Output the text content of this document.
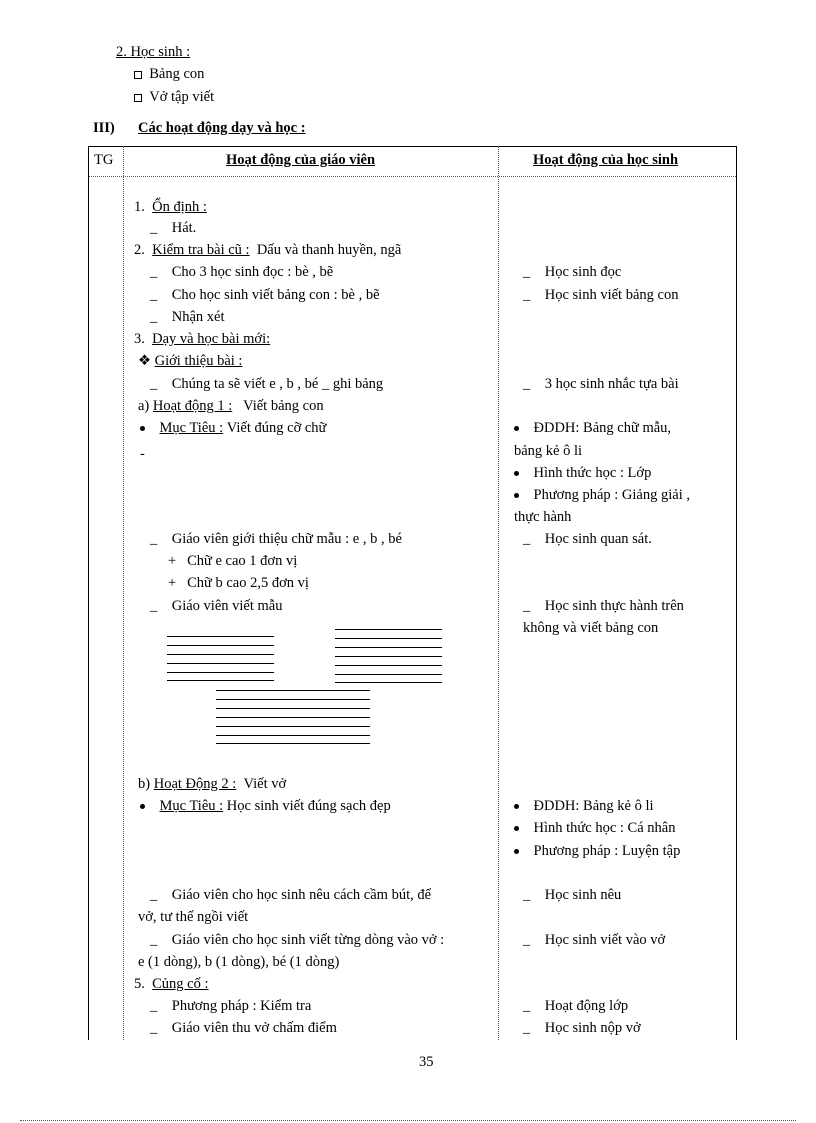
2. Học sinh :
Bảng con
Vở tập viết
III) Các hoạt động dạy và học :
TG	Hoạt động của giáo viên	Hoạt động của học sinh
1. Ổn định :
_ Hát.
2. Kiểm tra bài cũ : Dấu và thanh huyền, ngã
_ Cho 3 học sinh đọc : bè , bẽ
_ Cho học sinh viết bảng con : bè , bẽ
_ Nhận xét
3. Dạy và học bài mới:
❖ Giới thiệu bài :
_ Chúng ta sẽ viết e , b , bé _ ghi bảng
a) Hoạt động 1 : Viết bảng con
Mục Tiêu : Viết đúng cỡ chữ
-
_ Giáo viên giới thiệu chữ mẫu : e , b , bé
+ Chữ e cao 1 đơn vị
+ Chữ b cao 2,5 đơn vị
_ Giáo viên viết mẫu
b) Hoạt Động 2 : Viết vở
Mục Tiêu : Học sinh viết đúng sạch đẹp
_ Giáo viên cho học sinh nêu cách cầm bút, để
vở, tư thế ngồi viết
_ Giáo viên cho học sinh viết từng dòng vào vở :
e (1 dòng), b (1 dòng), bé (1 dòng)
5. Củng cố :
_ Phương pháp : Kiểm tra
_ Giáo viên thu vở chấm điểm
_ Học sinh đọc
_ Học sinh viết bảng con
_ 3 học sinh nhắc tựa bài
ĐDDH: Bảng chữ mẫu,
bảng kẻ ô li
Hình thức học : Lớp
Phương pháp : Giảng giải ,
thực hành
_ Học sinh quan sát.
_ Học sinh thực hành trên
không và viết bảng con
ĐDDH: Bảng kẻ ô li
Hình thức học : Cá nhân
Phương pháp : Luyện tập
_ Học sinh nêu
_ Học sinh viết vào vở
_ Hoạt động lớp
_ Học sinh nộp vở
35
